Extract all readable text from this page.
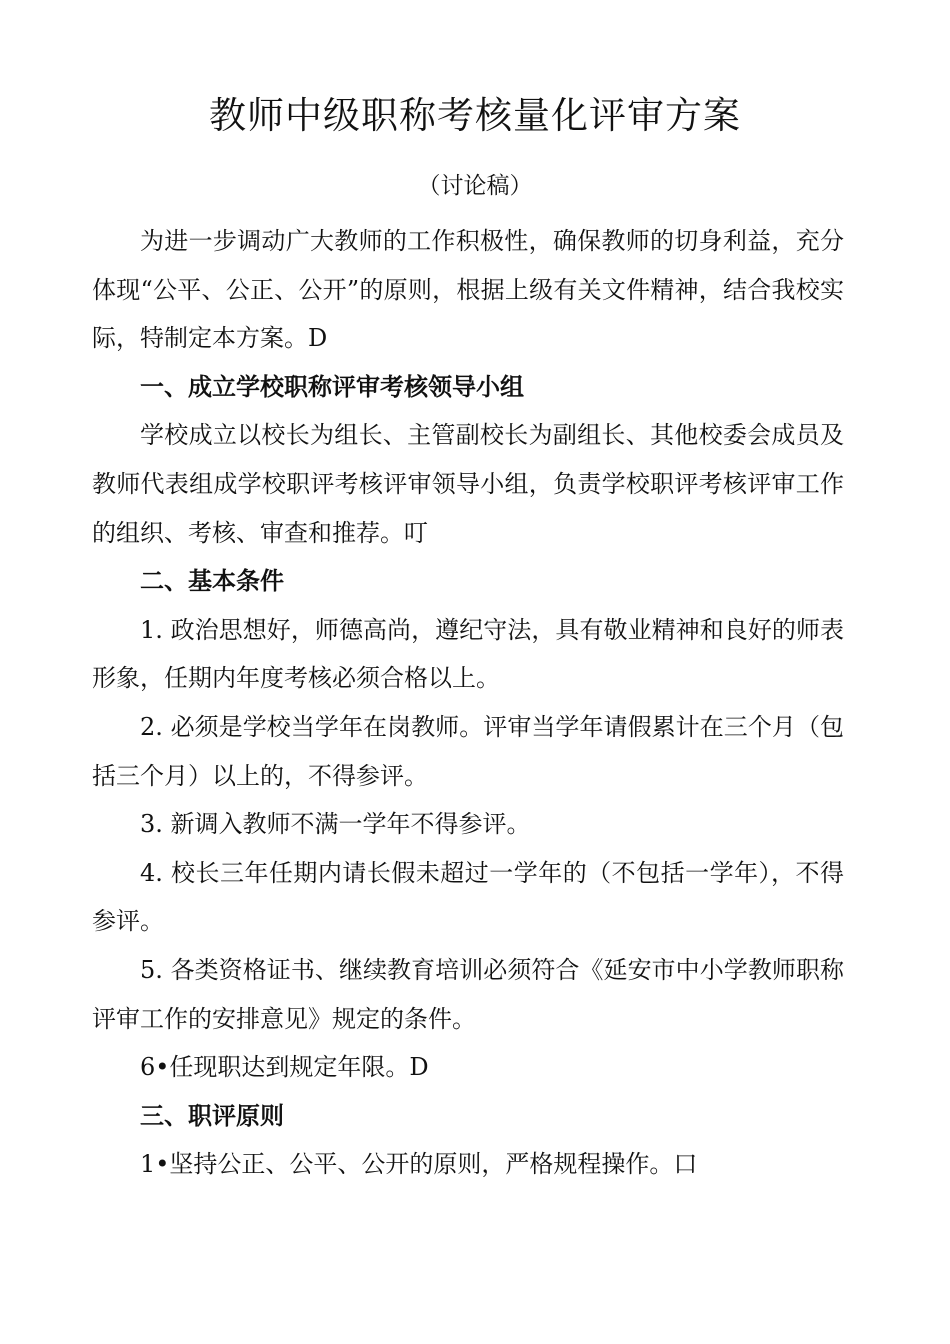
教师中级职称考核量化评审方案
（讨论稿）

为进一步调动广大教师的工作积极性，确保教师的切身利益，充分体现“公平、公正、公开”的原则，根据上级有关文件精神，结合我校实际，特制定本方案。D

一、成立学校职称评审考核领导小组

学校成立以校长为组长、主管副校长为副组长、其他校委会成员及教师代表组成学校职评考核评审领导小组，负责学校职评考核评审工作的组织、考核、审查和推荐。叮

二、基本条件

1. 政治思想好，师德高尚，遵纪守法，具有敬业精神和良好的师表形象，任期内年度考核必须合格以上。

2. 必须是学校当学年在岗教师。评审当学年请假累计在三个月（包括三个月）以上的，不得参评。

3. 新调入教师不满一学年不得参评。

4. 校长三年任期内请长假未超过一学年的（不包括一学年），不得参评。

5. 各类资格证书、继续教育培训必须符合《延安市中小学教师职称评审工作的安排意见》规定的条件。

6•任现职达到规定年限。D

三、职评原则

1•坚持公正、公平、公开的原则，严格规程操作。口
